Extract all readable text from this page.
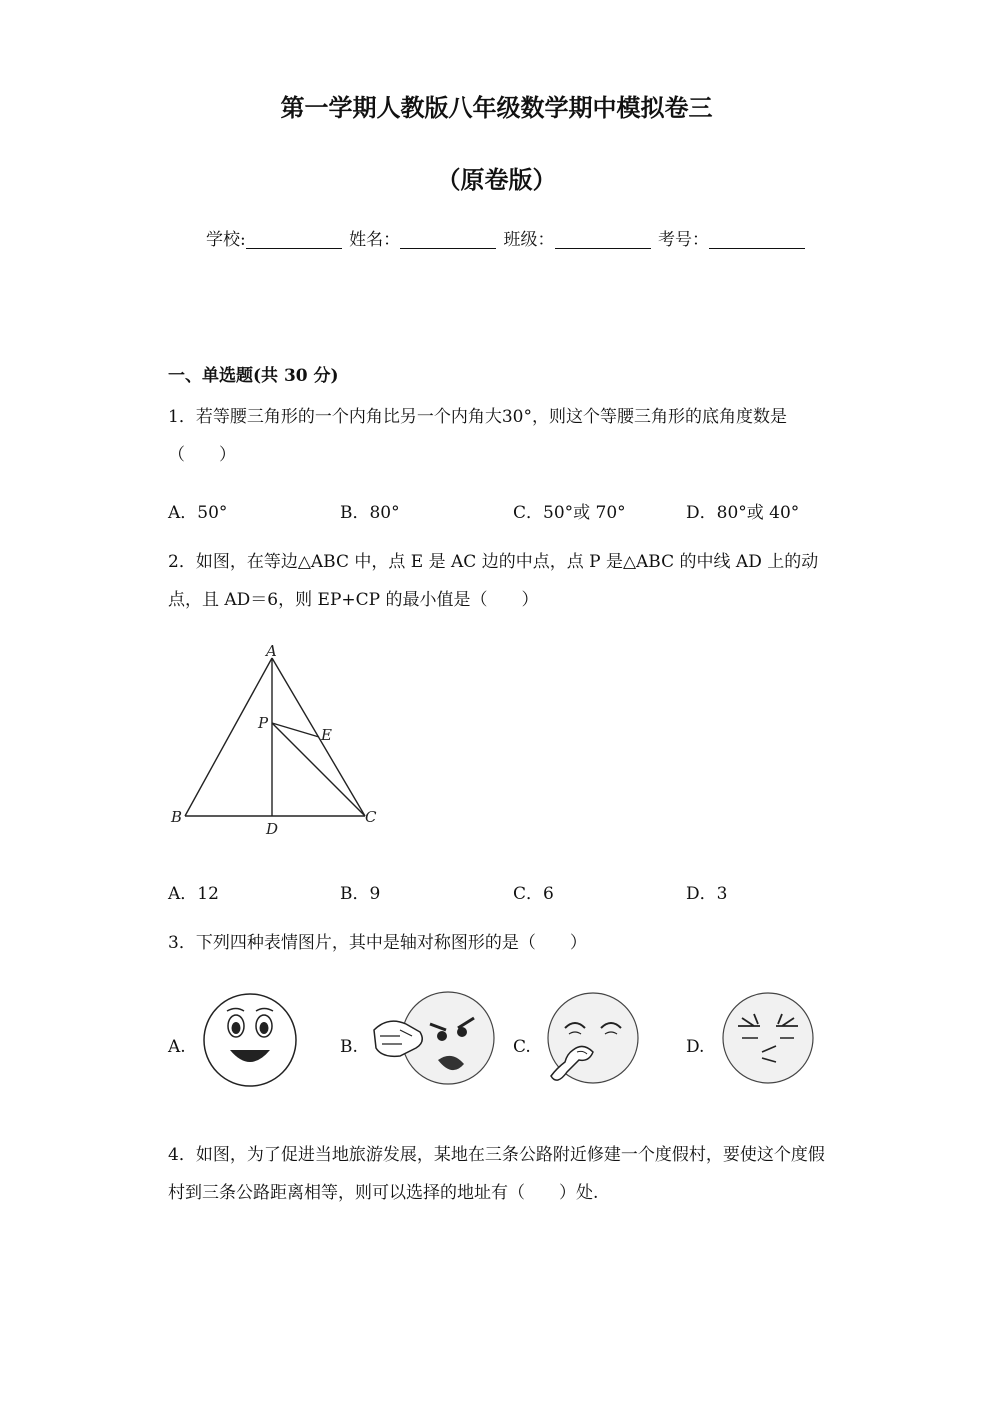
第一学期人教版八年级数学期中模拟卷三
（原卷版）
学校:	姓名：	班级：	考号：
一、单选题(共 30 分)
1．若等腰三角形的一个内角比另一个内角大30°，则这个等腰三角形的底角度数是（　　）
A．50°	B．80°	C．50°或 70°	D．80°或 40°
2．如图，在等边△ABC 中，点 E 是 AC 边的中点，点 P 是△ABC 的中线 AD 上的动点，且 AD＝6，则 EP+CP 的最小值是（　　）
A
P
E
B
D
C
A．12	B．9	C．6	D．3
3．下列四种表情图片，其中是轴对称图形的是（　　）
A.	B.	C.	D.
4．如图，为了促进当地旅游发展，某地在三条公路附近修建一个度假村，要使这个度假村到三条公路距离相等，则可以选择的地址有（　　）处.
